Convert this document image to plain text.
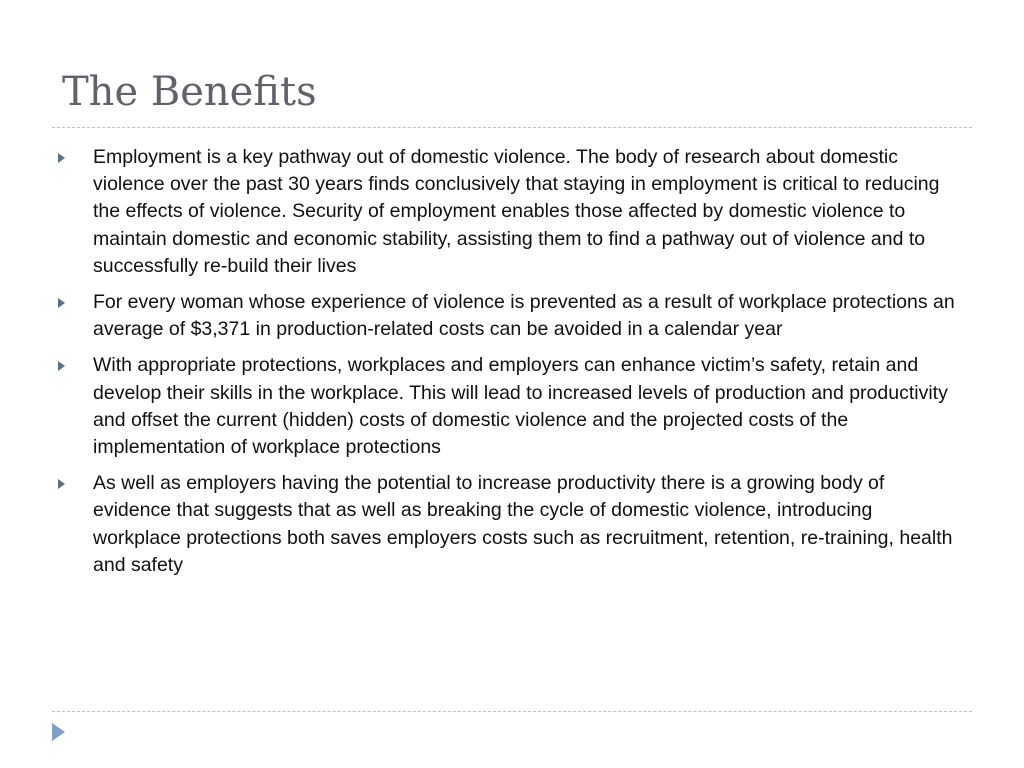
The Benefits
Employment is a key pathway out of domestic violence. The body of research about domestic violence over the past 30 years finds conclusively that staying in employment is critical to reducing the effects of violence. Security of employment enables those affected by domestic violence to maintain domestic and economic stability, assisting them to find a pathway out of violence and to successfully re-build their lives
For every woman whose experience of violence is prevented as a result of workplace protections an average of $3,371 in production-related costs can be avoided in a calendar year
With appropriate protections, workplaces and employers can enhance victim’s safety, retain and develop their skills in the workplace. This will lead to increased levels of production and productivity and offset the current (hidden) costs of domestic violence and the projected costs of the implementation of workplace protections
As well as employers having the potential to increase productivity there is a growing body of evidence that suggests that as well as breaking the cycle of domestic violence, introducing workplace protections both saves employers costs such as recruitment, retention, re-training, health and safety
